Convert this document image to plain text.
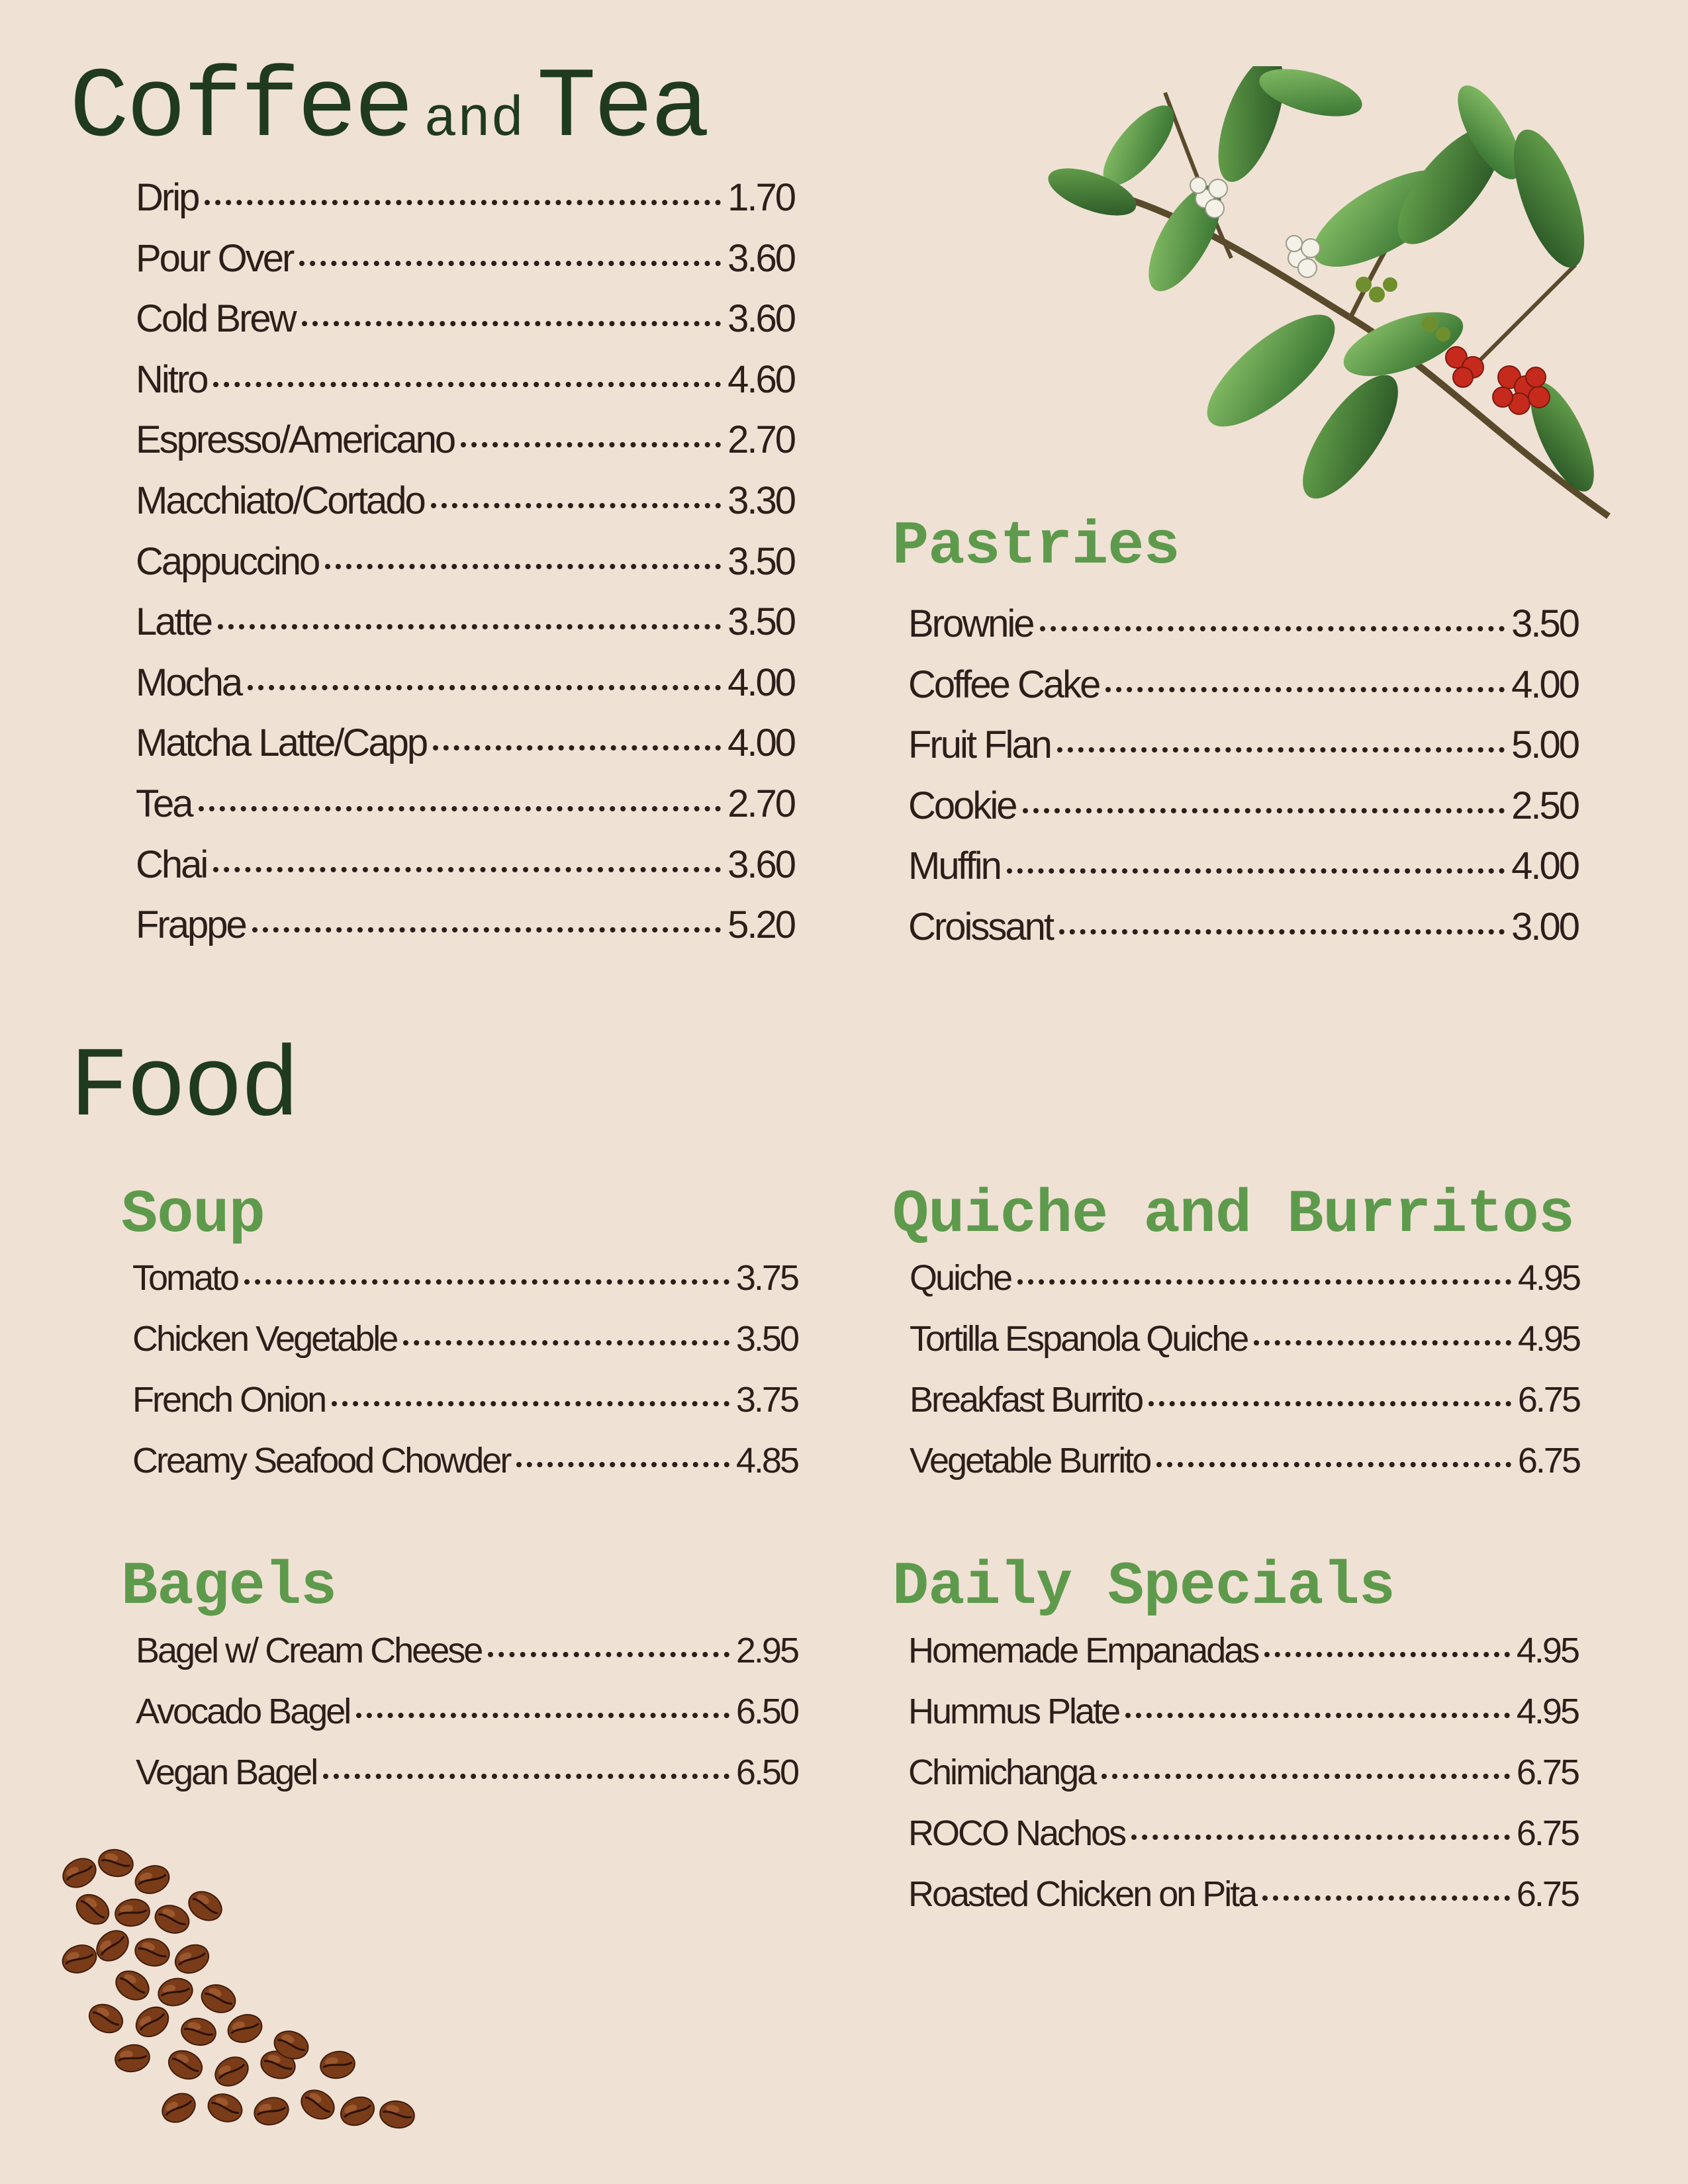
Coffee and Tea
Food
Pastries
Soup	Quiche and Burritos
Bagels	Daily Specials
Drip	1.70
Pour Over	3.60
Cold Brew	3.60
Nitro	4.60
Espresso/Americano	2.70
Macchiato/Cortado	3.30
Cappuccino	3.50
Latte	3.50
Mocha	4.00
Matcha Latte/Capp	4.00
Tea	2.70
Chai	3.60
Frappe	5.20
Brownie	3.50
Coffee Cake	4.00
Fruit Flan	5.00
Cookie	2.50
Muffin	4.00
Croissant	3.00
Tomato	3.75
Chicken Vegetable	3.50
French Onion	3.75
Creamy Seafood Chowder	4.85
Quiche	4.95
Tortilla Espanola Quiche	4.95
Breakfast Burrito	6.75
Vegetable Burrito	6.75
Bagel w/ Cream Cheese	2.95
Avocado Bagel	6.50
Vegan Bagel	6.50
Homemade Empanadas	4.95
Hummus Plate	4.95
Chimichanga	6.75
ROCO Nachos	6.75
Roasted Chicken on Pita	6.75
